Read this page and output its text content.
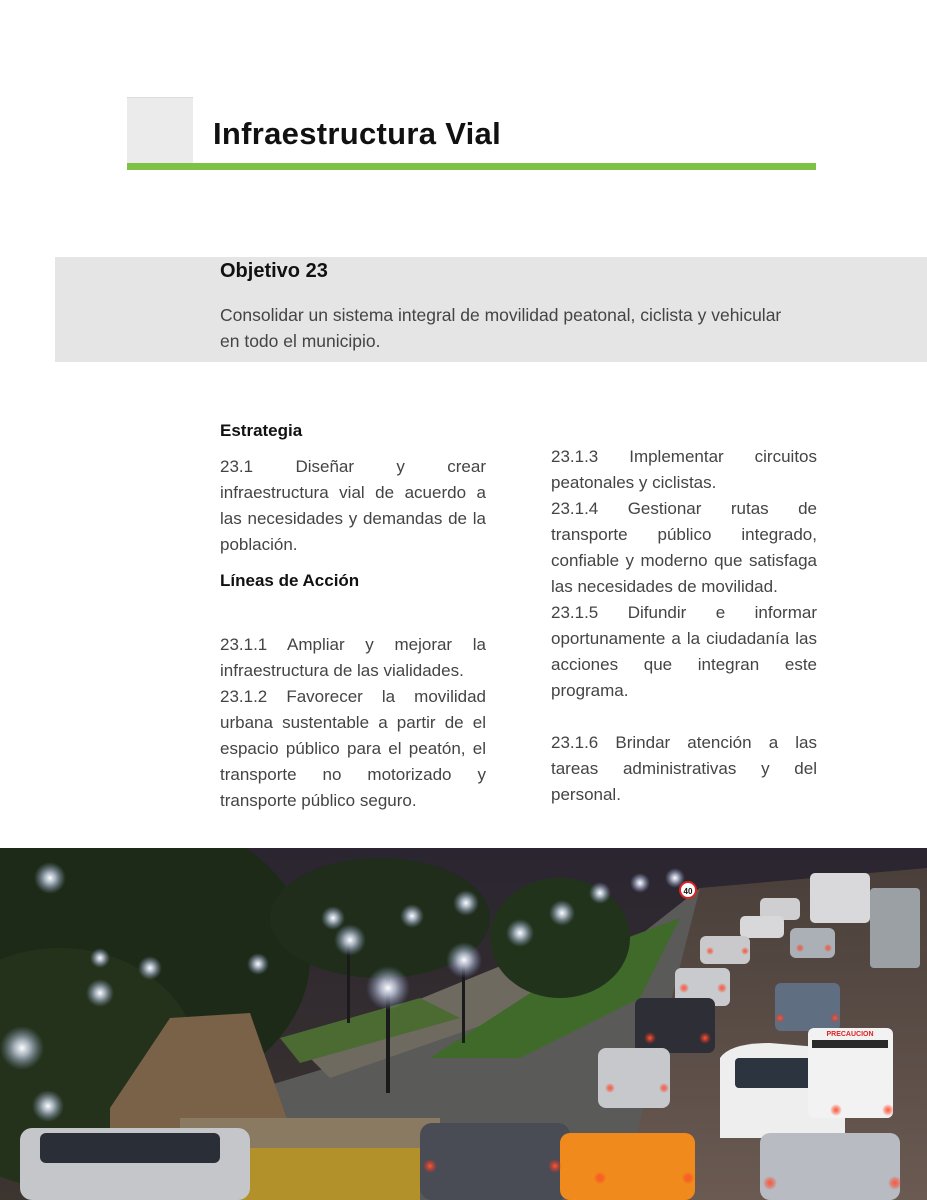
Infraestructura Vial
Objetivo 23

Consolidar un sistema integral de movilidad peatonal, ciclista y vehicular en todo el municipio.

Estrategia

23.1 Diseñar y crear infraestructura vial de acuerdo a las necesidades y demandas de la población.

Líneas de Acción

23.1.1 Ampliar y mejorar la infraestructura de las vialidades.

23.1.2 Favorecer la movilidad urbana sustentable a partir de el espacio público para el peatón, el transporte no motorizado y transporte público seguro.

23.1.3 Implementar circuitos peatonales y ciclistas.

23.1.4 Gestionar rutas de transporte público integrado, confiable y moderno que satisfaga las necesidades de movilidad.

23.1.5 Difundir e informar oportunamente a la ciudadanía las acciones que integran este programa.

23.1.6 Brindar atención a las tareas administrativas y del personal.

40
PRECAUCION
